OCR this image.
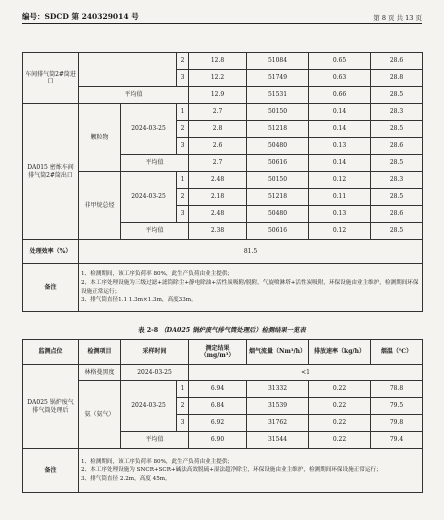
编号：SDCD 第 240329014 号	第 8 页 共 13 页
车间排气筒2#筒进口			2	12.8	51084	0.65	28.6
			3	12.2	51749	0.63	28.8
	平均值			12.9	51531	0.66	28.5
DA015 密炼车间排气筒2#筒出口	颗粒物	2024-03-25	1	2.7	50150	0.14	28.3
			2	2.8	51218	0.14	28.5
			3	2.6	50480	0.13	28.6
		平均值		2.7	50616	0.14	28.5
	非甲烷总烃	2024-03-25	1	2.48	50150	0.12	28.3
			2	2.18	51218	0.11	28.5
			3	2.48	50480	0.13	28.6
		平均值		2.38	50616	0.12	28.5
处理效率（%）	81.5						
备注	1、检测期间，该工序负荷率 80%，此生产负荷由业主提供；

2、本工序处理设施为三级过滤+滤筒除尘+静电除油+活性炭吸附/脱附，气旋喷淋塔+活性炭吸附，环保设施由业主维护，检测期间环保设施正常运行；

3、排气筒直径1.1 1.3m×1.3m，高度33m。						

表 2-8 （DA025 锅炉废气排气筒处理后）检测结果一览表
监测点位	检测项目	采样时间		测定结果（mg/m³）	烟气流量（Nm³/h）	排放速率（kg/h）	烟温（℃）
DA025 锅炉废气排气筒处理后	林格曼黑度	2024-03-25		<1			
	氨（氨气）	2024-03-25	1	6.94	31332	0.22	78.8
			2	6.84	31539	0.22	79.5
			3	6.92	31762	0.22	79.8
		平均值		6.90	31544	0.22	79.4
备注	1、检测期间，该工序负荷率 80%，此生产负荷由业主提供；

2、本工序处理设施为 SNCR+SCR+碱法高效脱硫+湿法超净除尘，环保设施由业主维护，检测期间环保设施正常运行；

3、排气筒直径 2.2m，高度 45m。						
